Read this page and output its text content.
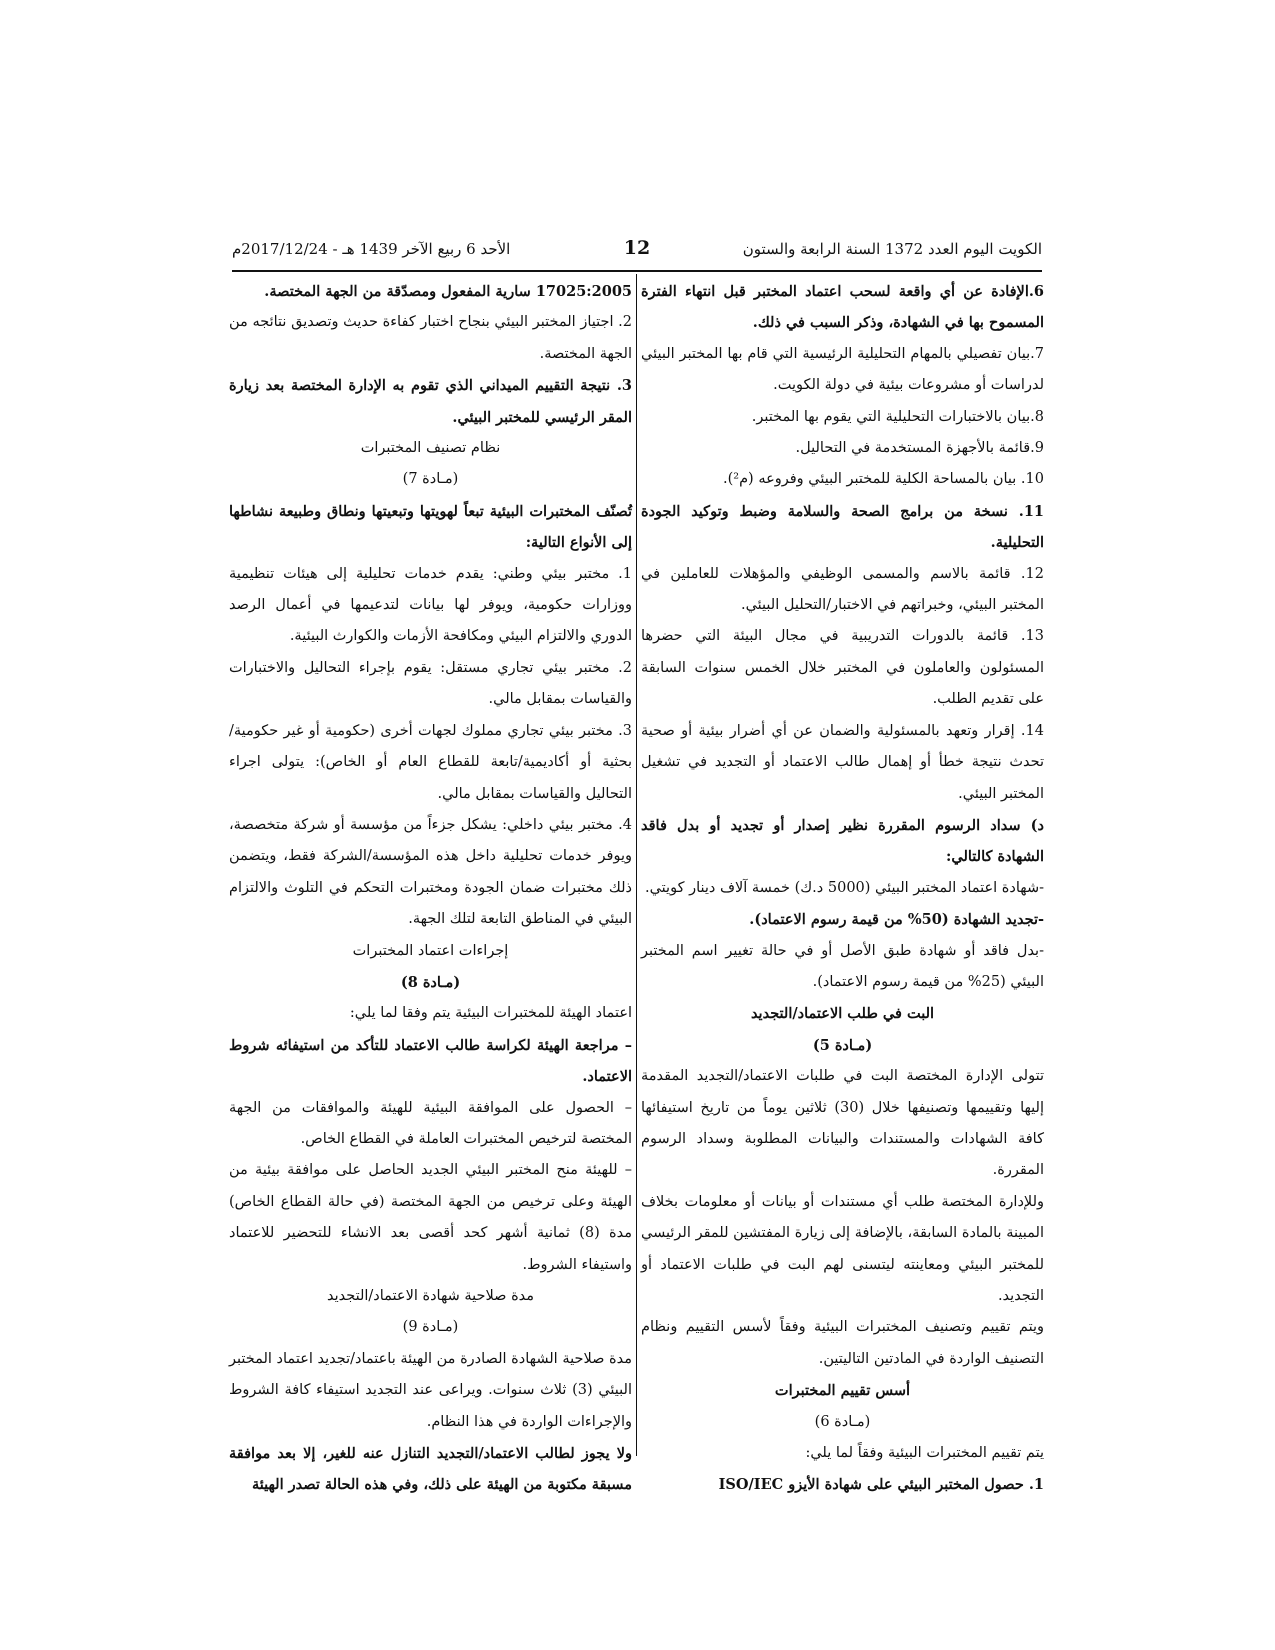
الكويت اليوم العدد 1372 السنة الرابعة والستون
12
الأحد 6 ربيع الآخر 1439 هـ - 2017/12/24م

6.الإفادة عن أي واقعة لسحب اعتماد المختبر قبل انتهاء الفترة المسموح بها في الشهادة، وذكر السبب في ذلك.

7.بيان تفصيلي بالمهام التحليلية الرئيسية التي قام بها المختبر البيئي لدراسات أو مشروعات بيئية في دولة الكويت.

8.بيان بالاختبارات التحليلية التي يقوم بها المختبر.

9.قائمة بالأجهزة المستخدمة في التحاليل.

10. بيان بالمساحة الكلية للمختبر البيئي وفروعه (م²).

11. نسخة من برامج الصحة والسلامة وضبط وتوكيد الجودة التحليلية.

12. قائمة بالاسم والمسمى الوظيفي والمؤهلات للعاملين في المختبر البيئي، وخبراتهم في الاختبار/التحليل البيئي.

13. قائمة بالدورات التدريبية في مجال البيئة التي حضرها المسئولون والعاملون في المختبر خلال الخمس سنوات السابقة على تقديم الطلب.

14. إقرار وتعهد بالمسئولية والضمان عن أي أضرار بيئية أو صحية تحدث نتيجة خطأ أو إهمال طالب الاعتماد أو التجديد في تشغيل المختبر البيئي.

د) سداد الرسوم المقررة نظير إصدار أو تجديد أو بدل فاقد الشهادة كالتالي:

-شهادة اعتماد المختبر البيئي (5000 د.ك) خمسة آلاف دينار كويتي.

-تجديد الشهادة (50% من قيمة رسوم الاعتماد).

-بدل فاقد أو شهادة طبق الأصل أو في حالة تغيير اسم المختبر البيئي (25% من قيمة رسوم الاعتماد).

البت في طلب الاعتماد/التجديد

(مـادة 5)

تتولى الإدارة المختصة البت في طلبات الاعتماد/التجديد المقدمة إليها وتقييمها وتصنيفها خلال (30) ثلاثين يوماً من تاريخ استيفائها كافة الشهادات والمستندات والبيانات المطلوبة وسداد الرسوم المقررة.

وللإدارة المختصة طلب أي مستندات أو بيانات أو معلومات بخلاف المبينة بالمادة السابقة، بالإضافة إلى زيارة المفتشين للمقر الرئيسي للمختبر البيئي ومعاينته ليتسنى لهم البت في طلبات الاعتماد أو التجديد.

ويتم تقييم وتصنيف المختبرات البيئية وفقاً لأسس التقييم ونظام التصنيف الواردة في المادتين التاليتين.

أسس تقييم المختبرات

(مـادة 6)

يتم تقييم المختبرات البيئية وفقاً لما يلي:

1. حصول المختبر البيئي على شهادة الأيزو ISO/IEC

17025:2005 سارية المفعول ومصدّقة من الجهة المختصة.

2. اجتياز المختبر البيئي بنجاح اختبار كفاءة حديث وتصديق نتائجه من الجهة المختصة.

3. نتيجة التقييم الميداني الذي تقوم به الإدارة المختصة بعد زيارة المقر الرئيسي للمختبر البيئي.

نظام تصنيف المختبرات

(مـادة 7)

تُصنّف المختبرات البيئية تبعاً لهويتها وتبعيتها ونطاق وطبيعة نشاطها إلى الأنواع التالية:

1. مختبر بيئي وطني: يقدم خدمات تحليلية إلى هيئات تنظيمية ووزارات حكومية، ويوفر لها بيانات لتدعيمها في أعمال الرصد الدوري والالتزام البيئي ومكافحة الأزمات والكوارث البيئية.

2. مختبر بيئي تجاري مستقل: يقوم بإجراء التحاليل والاختبارات والقياسات بمقابل مالي.

3. مختبر بيئي تجاري مملوك لجهات أخرى (حكومية أو غير حكومية/بحثية أو أكاديمية/تابعة للقطاع العام أو الخاص): يتولى اجراء التحاليل والقياسات بمقابل مالي.

4. مختبر بيئي داخلي: يشكل جزءاً من مؤسسة أو شركة متخصصة، ويوفر خدمات تحليلية داخل هذه المؤسسة/الشركة فقط، ويتضمن ذلك مختبرات ضمان الجودة ومختبرات التحكم في التلوث والالتزام البيئي في المناطق التابعة لتلك الجهة.

إجراءات اعتماد المختبرات

(مـادة 8)

اعتماد الهيئة للمختبرات البيئية يتم وفقا لما يلي:

– مراجعة الهيئة لكراسة طالب الاعتماد للتأكد من استيفائه شروط الاعتماد.

– الحصول على الموافقة البيئية للهيئة والموافقات من الجهة المختصة لترخيص المختبرات العاملة في القطاع الخاص.

– للهيئة منح المختبر البيئي الجديد الحاصل على موافقة بيئية من الهيئة وعلى ترخيص من الجهة المختصة (في حالة القطاع الخاص) مدة (8) ثمانية أشهر كحد أقصى بعد الانشاء للتحضير للاعتماد واستيفاء الشروط.

مدة صلاحية شهادة الاعتماد/التجديد

(مـادة 9)

مدة صلاحية الشهادة الصادرة من الهيئة باعتماد/تجديد اعتماد المختبر البيئي (3) ثلاث سنوات. ويراعى عند التجديد استيفاء كافة الشروط والإجراءات الواردة في هذا النظام.

ولا يجوز لطالب الاعتماد/التجديد التنازل عنه للغير، إلا بعد موافقة مسبقة مكتوبة من الهيئة على ذلك، وفي هذه الحالة تصدر الهيئة
